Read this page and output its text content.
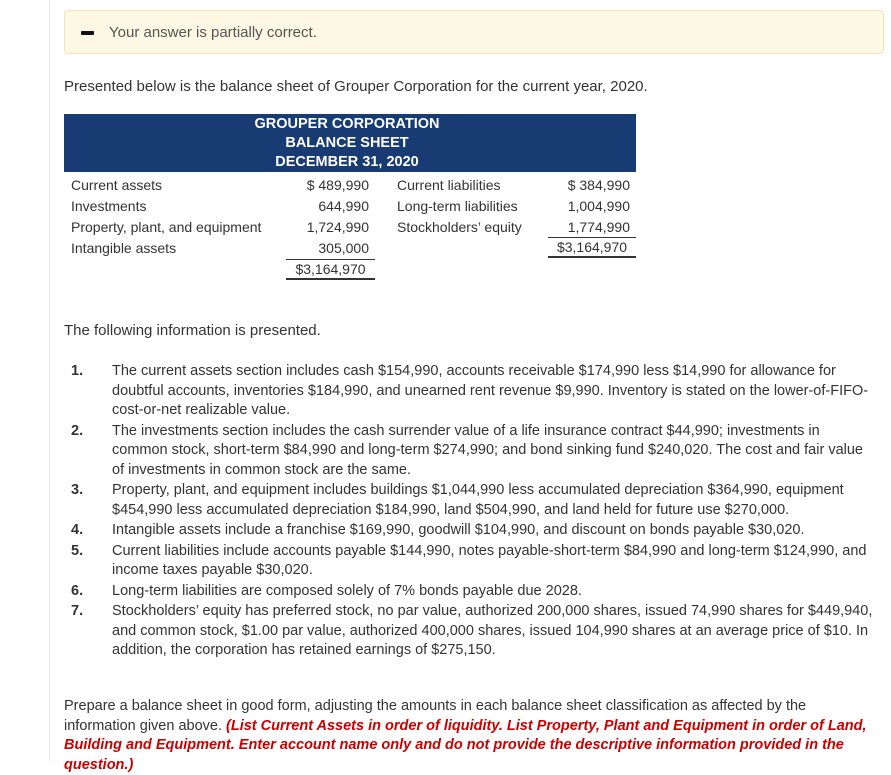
Your answer is partially correct.
Presented below is the balance sheet of Grouper Corporation for the current year, 2020.
GROUPER CORPORATION
BALANCE SHEET
DECEMBER 31, 2020
Current assets
Investments
Property, plant, and equipment
Intangible assets
$ 489,990
644,990
1,724,990
305,000
$3,164,970
Current liabilities
Long-term liabilities
Stockholders’ equity
$ 384,990
1,004,990
1,774,990
$3,164,970
The following information is presented.
1. The current assets section includes cash $154,990, accounts receivable $174,990 less $14,990 for allowance for doubtful accounts, inventories $184,990, and unearned rent revenue $9,990. Inventory is stated on the lower-of-FIFO-cost-or-net realizable value.
2. The investments section includes the cash surrender value of a life insurance contract $44,990; investments in common stock, short-term $84,990 and long-term $274,990; and bond sinking fund $240,020. The cost and fair value of investments in common stock are the same.
3. Property, plant, and equipment includes buildings $1,044,990 less accumulated depreciation $364,990, equipment $454,990 less accumulated depreciation $184,990, land $504,990, and land held for future use $270,000.
4. Intangible assets include a franchise $169,990, goodwill $104,990, and discount on bonds payable $30,020.
5. Current liabilities include accounts payable $144,990, notes payable-short-term $84,990 and long-term $124,990, and income taxes payable $30,020.
6. Long-term liabilities are composed solely of 7% bonds payable due 2028.
7. Stockholders’ equity has preferred stock, no par value, authorized 200,000 shares, issued 74,990 shares for $449,940, and common stock, $1.00 par value, authorized 400,000 shares, issued 104,990 shares at an average price of $10. In addition, the corporation has retained earnings of $275,150.
Prepare a balance sheet in good form, adjusting the amounts in each balance sheet classification as affected by the information given above. (List Current Assets in order of liquidity. List Property, Plant and Equipment in order of Land, Building and Equipment. Enter account name only and do not provide the descriptive information provided in the question.)
